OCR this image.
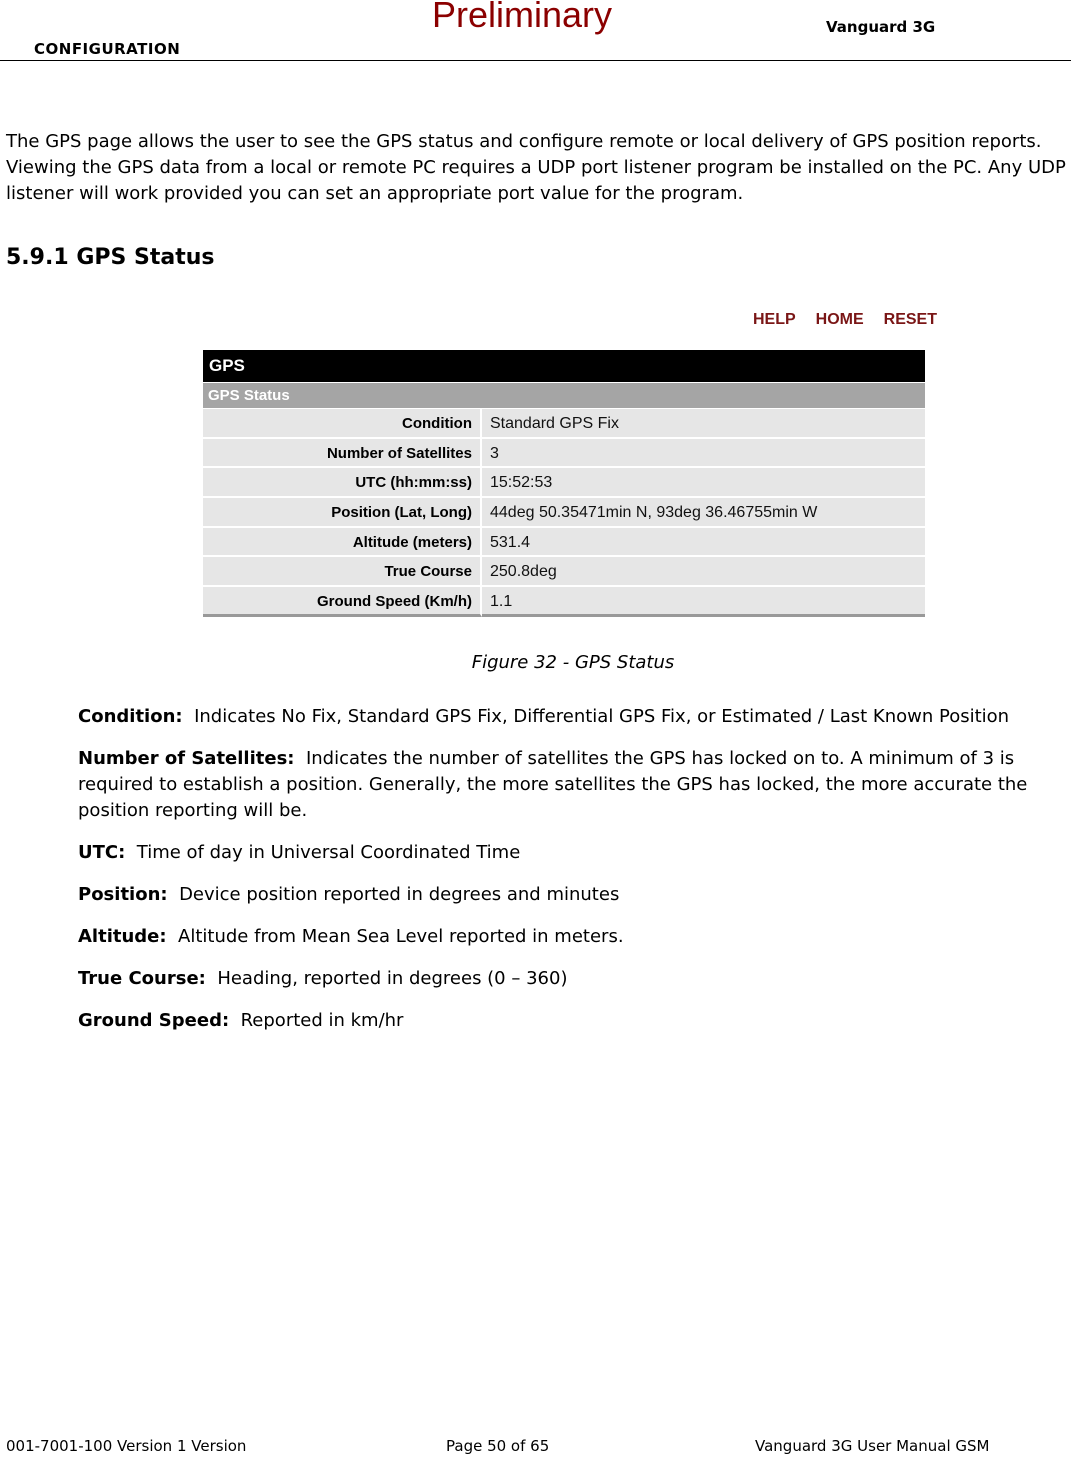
CONFIGURATION
Preliminary	Vanguard 3G

The GPS page allows the user to see the GPS status and configure remote or local delivery of GPS position reports. Viewing the GPS data from a local or remote PC requires a UDP port listener program be installed on the PC. Any UDP listener will work provided you can set an appropriate port value for the program.

5.9.1 GPS Status
HELP HOME RESET
GPS
GPS Status
Condition	Standard GPS Fix
Number of Satellites	3
UTC (hh:mm:ss)	15:52:53
Position (Lat, Long)	44deg 50.35471min N, 93deg 36.46755min W
Altitude (meters)	531.4
True Course	250.8deg
Ground Speed (Km/h)	1.1
Figure 32 - GPS Status

Condition: Indicates No Fix, Standard GPS Fix, Differential GPS Fix, or Estimated / Last Known Position

Number of Satellites: Indicates the number of satellites the GPS has locked on to. A minimum of 3 is required to establish a position. Generally, the more satellites the GPS has locked, the more accurate the position reporting will be.

UTC: Time of day in Universal Coordinated Time

Position: Device position reported in degrees and minutes

Altitude: Altitude from Mean Sea Level reported in meters.

True Course: Heading, reported in degrees (0 – 360)

Ground Speed: Reported in km/hr

001-7001-100 Version 1 Version	Page 50 of 65	Vanguard 3G User Manual GSM
